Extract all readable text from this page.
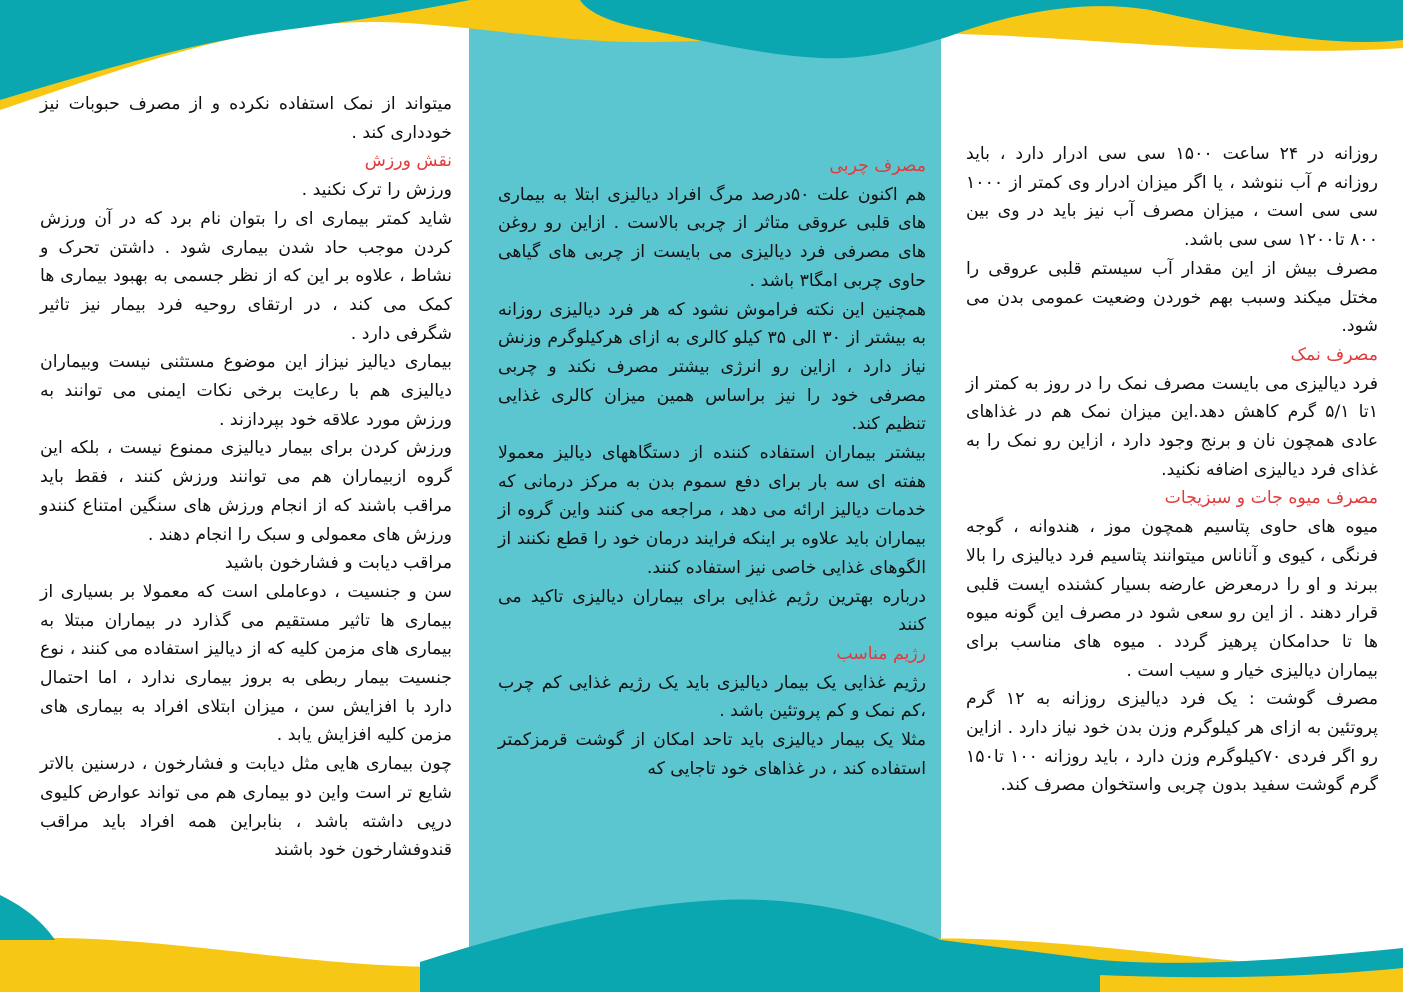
میتواند از نمک استفاده نکرده و از مصرف حبوبات نیز خودداری کند .

نقش ورزش

ورزش را ترک نکنید .

شاید کمتر بیماری ای را بتوان نام برد که در آن ورزش کردن موجب حاد شدن بیماری شود . داشتن تحرک و نشاط ، علاوه بر این که از نظر جسمی به بهبود بیماری ها کمک می کند ، در ارتقای روحیه فرد بیمار نیز تاثیر شگرفی دارد .

بیماری دیالیز نیزاز این موضوع مستثنی نیست وبیماران دیالیزی هم با رعایت برخی نکات ایمنی می توانند به ورزش مورد علاقه خود بپردازند .

ورزش کردن برای بیمار دیالیزی ممنوع نیست ، بلکه این گروه ازبیماران هم می توانند ورزش کنند ، فقط باید مراقب باشند که از انجام ورزش های سنگین امتناع کنندو ورزش های معمولی و سبک را انجام دهند .

مراقب دیابت و فشارخون باشید

سن و جنسیت ، دوعاملی است که معمولا بر بسیاری از بیماری ها تاثیر مستقیم می گذارد در بیماران مبتلا به بیماری های مزمن کلیه که از دیالیز استفاده می کنند ، نوع جنسیت بیمار ربطی به بروز بیماری ندارد ، اما احتمال دارد با افزایش سن ، میزان ابتلای افراد به بیماری های مزمن کلیه افزایش یابد .

چون بیماری هایی مثل دیابت و فشارخون ، درسنین بالاتر شایع تر است واین دو بیماری هم می تواند عوارض کلیوی درپی داشته باشد ، بنابراین همه افراد باید مراقب قندوفشارخون خود باشند

مصرف چربی

هم اکنون علت ۵۰درصد مرگ افراد دیالیزی ابتلا به بیماری های قلبی عروقی متاثر از چربی بالاست . ازاین رو روغن های مصرفی فرد دیالیزی می بایست از چربی های گیاهی حاوی چربی امگا۳ باشد .

همچنین این نکته فراموش نشود که هر فرد دیالیزی روزانه به بیشتر از ۳۰ الی ۳۵ کیلو کالری به ازای هرکیلوگرم وزنش نیاز دارد ، ازاین رو انرژی بیشتر مصرف نکند و چربی مصرفی خود را نیز براساس همین میزان کالری غذایی تنظیم کند.

بیشتر بیماران استفاده کننده از دستگاههای دیالیز معمولا هفته ای سه بار برای دفع سموم بدن به مرکز درمانی که خدمات دیالیز ارائه می دهد ، مراجعه می کنند واین گروه از بیماران باید علاوه بر اینکه فرایند درمان خود را قطع نکنند از الگوهای غذایی خاصی نیز استفاده کنند.

درباره بهترین رژیم غذایی برای بیماران دیالیزی تاکید می کنند

رژیم مناسب

رژیم غذایی یک بیمار دیالیزی باید یک رژیم غذایی کم چرب ،کم نمک و کم پروتئین باشد .

مثلا یک بیمار دیالیزی باید تاحد امکان از گوشت قرمزکمتر استفاده کند ، در غذاهای خود تاجایی که

روزانه در ۲۴ ساعت ۱۵۰۰ سی سی ادرار دارد ، باید روزانه م آب ننوشد ، یا اگر میزان ادرار وی کمتر از ۱۰۰۰ سی سی است ، میزان مصرف آب نیز باید در وی بین ۸۰۰ تا۱۲۰۰ سی سی باشد.

مصرف بیش از این مقدار آب سیستم قلبی عروقی را مختل میکند وسبب بهم خوردن وضعیت عمومی بدن می شود.

مصرف نمک

فرد دیالیزی می بایست مصرف نمک را در روز به کمتر از ۱تا ۵/۱ گرم کاهش دهد.این میزان نمک هم در غذاهای عادی همچون نان و برنج وجود دارد ، ازاین رو نمک را به غذای فرد دیالیزی اضافه نکنید.

مصرف میوه جات و سبزیجات

میوه های حاوی پتاسیم همچون موز ، هندوانه ، گوجه فرنگی ، کیوی و آناناس میتوانند پتاسیم فرد دیالیزی را بالا ببرند و او را درمعرض عارضه بسیار کشنده ایست قلبی قرار دهند . از این رو سعی شود در مصرف این گونه میوه ها تا حدامکان پرهیز گردد . میوه های مناسب برای بیماران دیالیزی خیار و سیب است .

مصرف گوشت : یک فرد دیالیزی روزانه به ۱۲ گرم پروتئین به ازای هر کیلوگرم وزن بدن خود نیاز دارد . ازاین رو اگر فردی ۷۰کیلوگرم وزن دارد ، باید روزانه ۱۰۰ تا۱۵۰ گرم گوشت سفید بدون چربی واستخوان مصرف کند.
